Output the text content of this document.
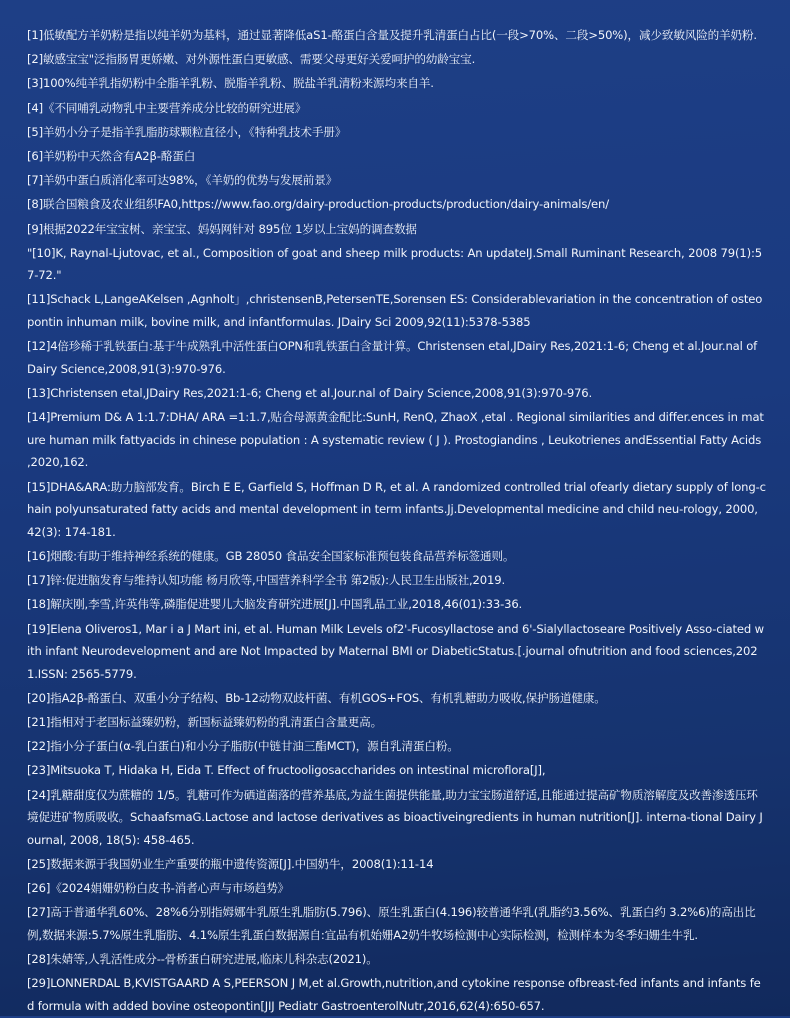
[1]低敏配方羊奶粉是指以纯羊奶为基料，通过显著降低aS1-酪蛋白含量及提升乳清蛋白占比(一段>70%、二段>50%)，减少致敏风险的羊奶粉.

[2]敏感宝宝"泛指肠胃更娇嫩、对外源性蛋白更敏感、需要父母更好关爱呵护的幼龄宝宝.

[3]100%纯羊乳指奶粉中全脂羊乳粉、脱脂羊乳粉、脱盐羊乳清粉来源均来自羊.

[4]《不同哺乳动物乳中主要营养成分比较的研究进展》

[5]羊奶小分子是指羊乳脂肪球颗粒直径小，《特种乳技术手册》

[6]羊奶粉中天然含有A2β-酪蛋白

[7]羊奶中蛋白质消化率可达98%，《羊奶的优势与发展前景》

[8]联合国粮食及农业组织FA0,https://www.fao.org/dairy-production-products/production/dairy-animals/en/

[9]根据2022年宝宝树、亲宝宝、妈妈网针对 895位 1岁以上宝妈的调查数据

"[10]K, Raynal-Ljutovac, et al., Composition of goat and sheep milk products: An updateIJ.Small Ruminant Research, 2008 79(1):57-72."

[11]Schack L,LangeAKelsen ,Agnholt」,christensenB,PetersenTE,Sorensen ES: Considerablevariation in the concentration of osteopontin inhuman milk, bovine milk, and infantformulas. JDairy Sci 2009,92(11):5378-5385

[12]4倍珍稀于乳铁蛋白:基于牛成熟乳中活性蛋白OPN和乳铁蛋白含量计算。Christensen etal,JDairy Res,2021:1-6; Cheng et al.Jour.nal of Dairy Science,2008,91(3):970-976.

[13]Christensen etal,JDairy Res,2021:1-6; Cheng et al.Jour.nal of Dairy Science,2008,91(3):970-976.

[14]Premium D& A 1:1.7:DHA/ ARA =1:1.7,贴合母源黄金配比:SunH, RenQ, ZhaoX ,etal . Regional similarities and differ.ences in mature human milk fattyacids in chinese population : A systematic review ( J ). Prostogiandins , Leukotrienes andEssential Fatty Acids ,2020,162.

[15]DHA&ARA:助力脑部发育。Birch E E, Garfield S, Hoffman D R, et al. A randomized controlled trial ofearly dietary supply of long-chain polyunsaturated fatty acids and mental development in term infants.Jj.Developmental medicine and child neu-rology, 2000, 42(3): 174-181.

[16]烟酸:有助于维持神经系统的健康。GB 28050 食品安全国家标准预包装食品营养标签通则。

[17]锌:促进脑发育与维持认知功能 杨月欣等,中国营养科学全书 第2版):人民卫生出版社,2019.

[18]解庆刚,李雪,许英伟等,磷脂促进婴儿大脑发育研究进展[J].中国乳品工业,2018,46(01):33-36.

[19]Elena Oliveros1, Mar i a J Mart ini, et al. Human Milk Levels of2'-Fucosyllactose and 6'-Sialyllactoseare Positively Asso-ciated with infant Neurodevelopment and are Not Impacted by Maternal BMI or DiabeticStatus.[.journal ofnutrition and food sciences,2021.ISSN: 2565-5779.

[20]指A2β-酪蛋白、双重小分子结构、Bb-12动物双歧杆菌、有机GOS+FOS、有机乳糖助力吸收,保护肠道健康。

[21]指相对于老国标益臻奶粉，新国标益臻奶粉的乳清蛋白含量更高。

[22]指小分子蛋白(α-乳白蛋白)和小分子脂肪(中链甘油三酯MCT)，源自乳清蛋白粉。

[23]Mitsuoka T, Hidaka H, Eida T. Effect of fructooligosaccharides on intestinal microflora[J],

[24]乳糖甜度仅为蔗糖的 1/5。乳糖可作为硒道菌落的营养基底,为益生菌提供能量,助力宝宝肠道舒适,且能通过提高矿物质溶解度及改善渗透压环境促进矿物质吸收。SchaafsmaG.Lactose and lactose derivatives as bioactiveingredients in human nutrition[J]. interna-tional Dairy Journal, 2008, 18(5): 458-465.

[25]数据来源于我国奶业生产重要的瓶中遗传资源[J].中国奶牛，2008(1):11-14

[26]《2024娟姗奶粉白皮书-消者心声与市场趋势》

[27]高于普通华乳60%、28%6分别指姆娜牛乳原生乳脂肪(5.796)、原生乳蛋白(4.196)较普通华乳(乳脂约3.56%、乳蛋白约 3.2%6)的高出比例,数据来源:5.7%原生乳脂肪、4.1%原生乳蛋白数据源自:宜品有机始姗A2奶牛牧场检测中心实际检测，检测样本为冬季妇姗生牛乳.

[28]朱婧等,人乳活性成分--骨桥蛋白研究进展,临床儿科杂志(2021)。

[29]LONNERDAL B,KVISTGAARD A S,PEERSON J M,et al.Growth,nutrition,and cytokine response ofbreast-fed infants and infants fed formula with added bovine osteopontin[JIJ Pediatr GastroenterolNutr,2016,62(4):650-657.
